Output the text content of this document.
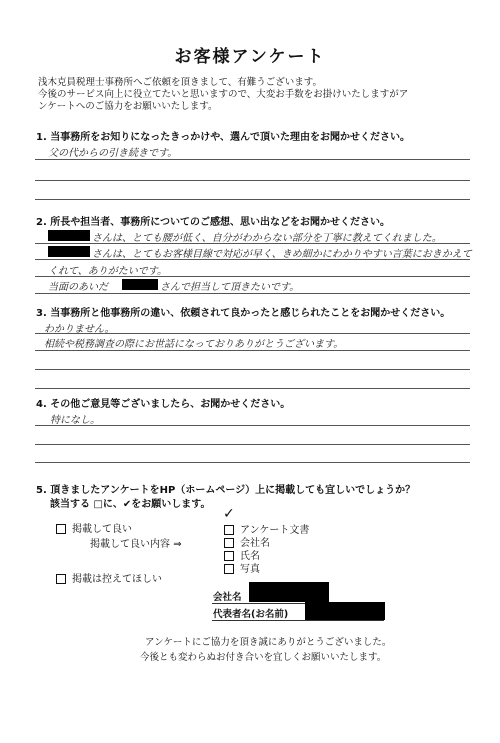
お客様アンケート
浅木克員税理士事務所へご依頼を頂きまして、有難うございます。
今後のサービス向上に役立てたいと思いますので、大変お手数をお掛けいたしますがア
ンケートへのご協力をお願いいたします。
1. 当事務所をお知りになったきっかけや、選んで頂いた理由をお聞かせください。
父の代からの引き続きです。
2. 所長や担当者、事務所についてのご感想、思い出などをお聞かせください。
さんは、とても腰が低く、自分がわからない部分を丁寧に教えてくれました。
さんは、とてもお客様目線で対応が早く、きめ細かにわかりやすい言葉におきかえて
くれて、ありがたいです。
当面のあいだ	さんで担当して頂きたいです。
3. 当事務所と他事務所の違い、依頼されて良かったと感じられたことをお聞かせください。
わかりません。
相続や税務調査の際にお世話になっておりありがとうございます。
4. その他ご意見等ございましたら、お聞かせください。
特になし。
5. 頂きましたアンケートをHP（ホームページ）上に掲載しても宜しいでしょうか？
該当する □に、✔をお願いします。
掲載して良い
掲載して良い内容 ⇒
✓
アンケート文書
会社名
氏名
写真
掲載は控えてほしい
会社名
代表者名(お名前)
アンケートにご協力を頂き誠にありがとうございました。
今後とも変わらぬお付き合いを宜しくお願いいたします。
